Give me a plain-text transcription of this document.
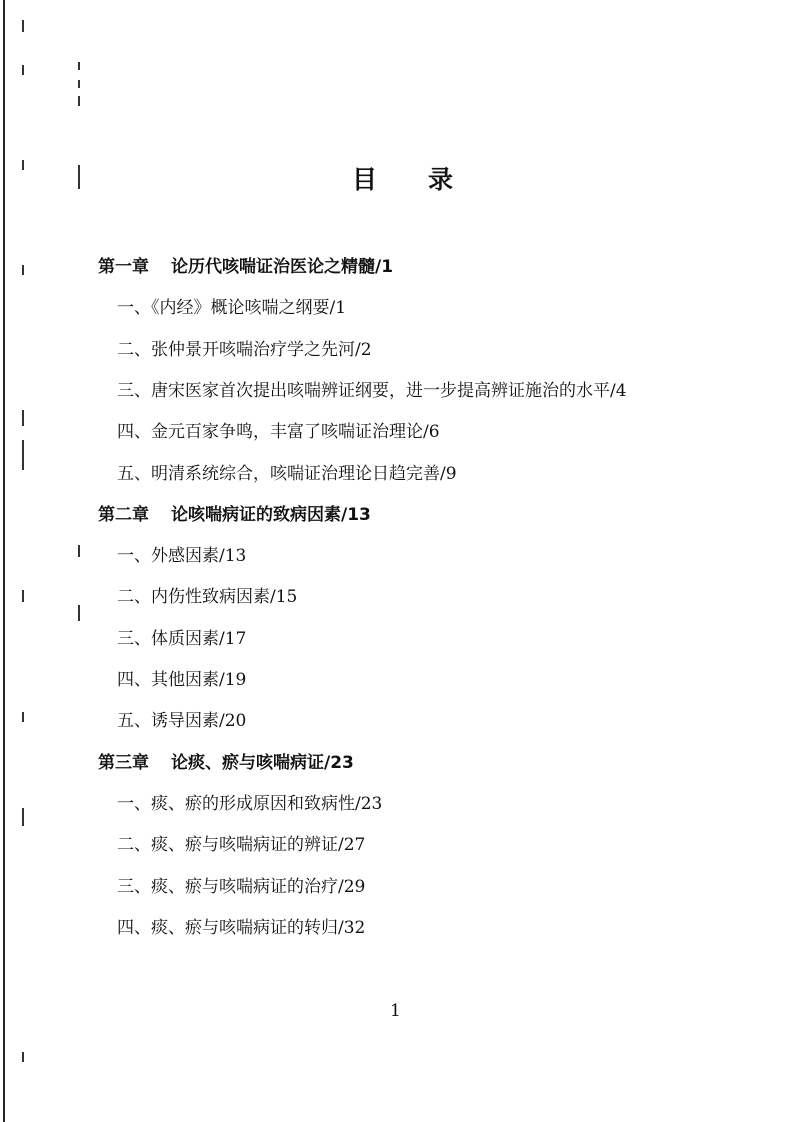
目 录
第一章 论历代咳喘证治医论之精髓/1
一、《内经》概论咳喘之纲要/1
二、张仲景开咳喘治疗学之先河/2
三、唐宋医家首次提出咳喘辨证纲要，进一步提高辨证施治的水平/4
四、金元百家争鸣，丰富了咳喘证治理论/6
五、明清系统综合，咳喘证治理论日趋完善/9
第二章 论咳喘病证的致病因素/13
一、外感因素/13
二、内伤性致病因素/15
三、体质因素/17
四、其他因素/19
五、诱导因素/20
第三章 论痰、瘀与咳喘病证/23
一、痰、瘀的形成原因和致病性/23
二、痰、瘀与咳喘病证的辨证/27
三、痰、瘀与咳喘病证的治疗/29
四、痰、瘀与咳喘病证的转归/32
1
